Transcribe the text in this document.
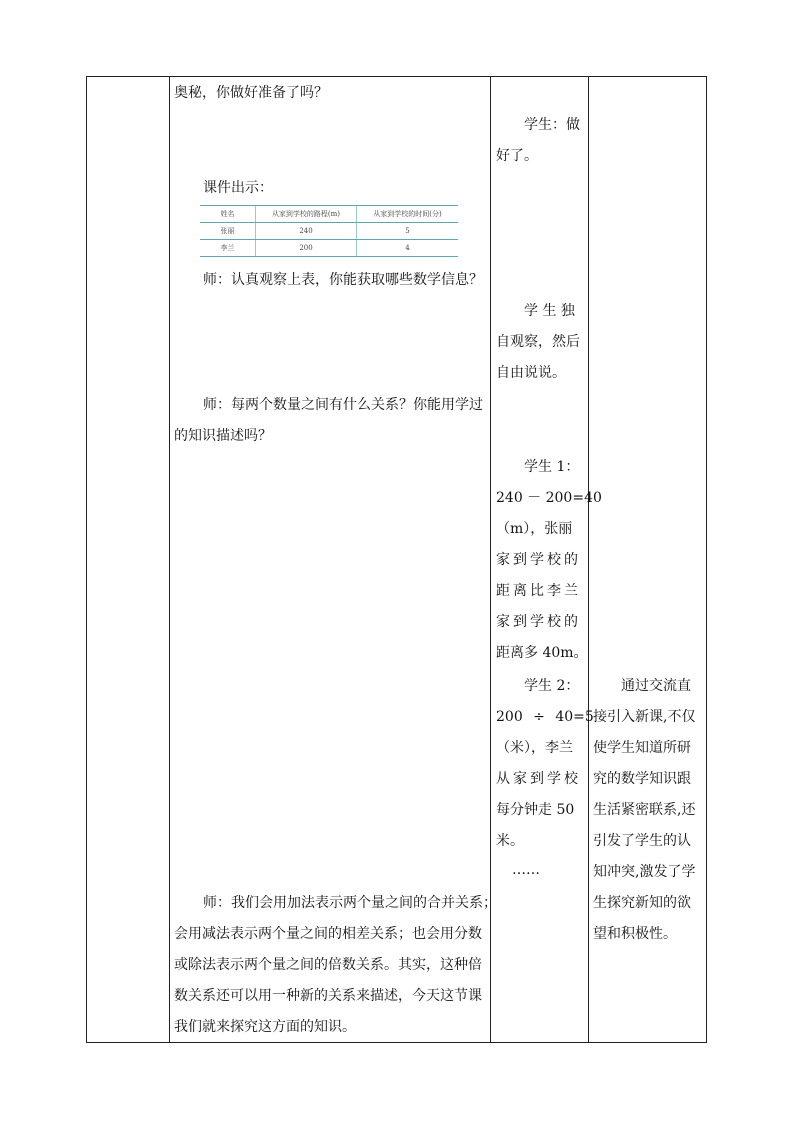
奥秘，你做好准备了吗？
课件出示：
姓名	从家到学校的路程(m)	从家到学校的时间(分)
张丽	240	5
李兰	200	4
师：认真观察上表，你能获取哪些数学信息？
师：每两个数量之间有什么关系？你能用学过
的知识描述吗？
师：我们会用加法表示两个量之间的合并关系；
会用减法表示两个量之间的相差关系；也会用分数
或除法表示两个量之间的倍数关系。其实，这种倍
数关系还可以用一种新的关系来描述，今天这节课
我们就来探究这方面的知识。
学生：做
好了。
学 生 独
自观察，然后
自由说说。
学生 1：
240 － 200=40
（m），张丽
家到学校的
距离比李兰
家到学校的
距离多 40m。
学生 2：
200 ÷ 40=5
（米），李兰
从家到学校
每分钟走 50
米。
……
通过交流直
接引入新课,不仅
使学生知道所研
究的数学知识跟
生活紧密联系,还
引发了学生的认
知冲突,激发了学
生探究新知的欲
望和积极性。
